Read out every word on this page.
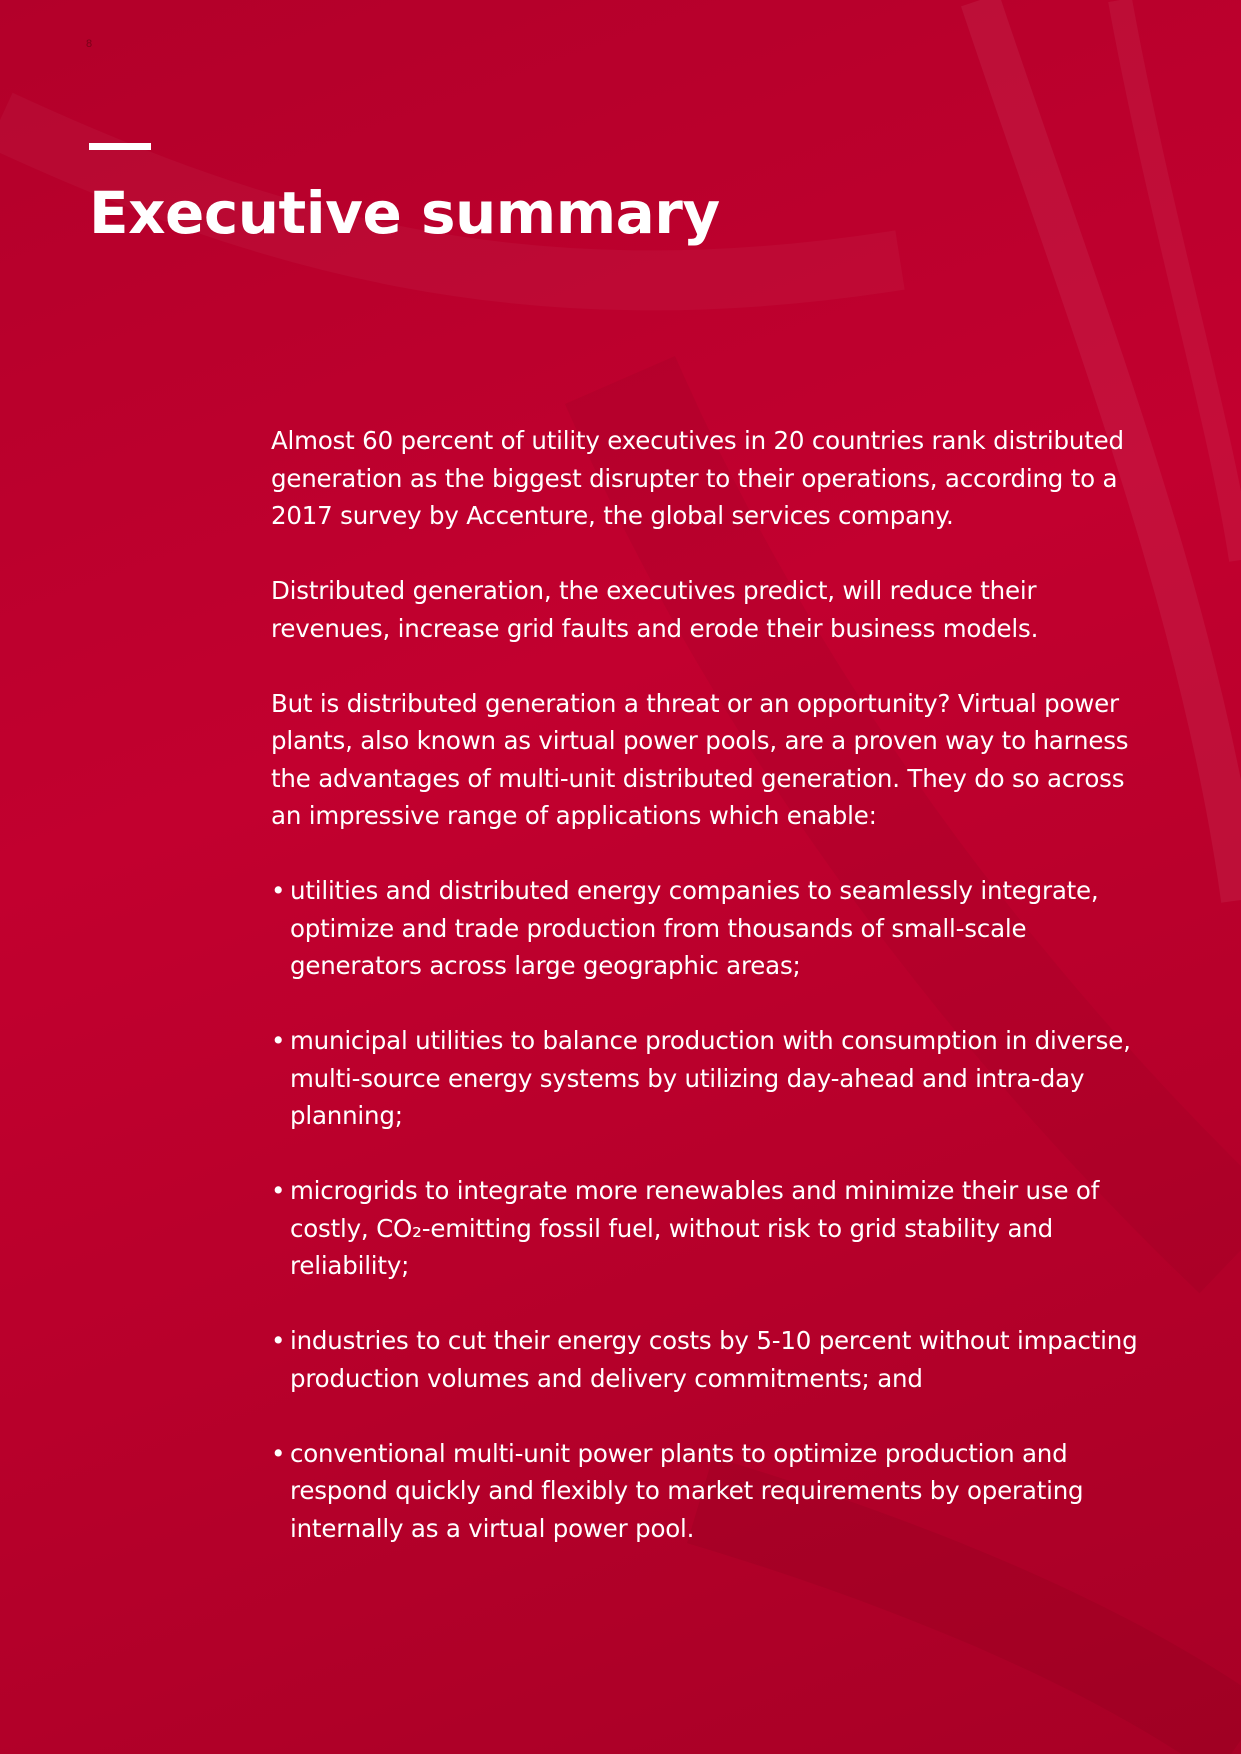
8
Executive summary

Almost 60 percent of utility executives in 20 countries rank distributed generation as the biggest disrupter to their operations, according to a 2017 survey by Accenture, the global services company.

Distributed generation, the executives predict, will reduce their revenues, increase grid faults and erode their business models.

But is distributed generation a threat or an opportunity? Virtual power plants, also known as virtual power pools, are a proven way to harness the advantages of multi-unit distributed generation. They do so across an impressive range of applications which enable:

• utilities and distributed energy companies to seamlessly integrate, optimize and trade production from thousands of small-scale generators across large geographic areas;
• municipal utilities to balance production with consumption in diverse, multi-source energy systems by utilizing day-ahead and intra-day planning;
• microgrids to integrate more renewables and minimize their use of costly, CO₂-emitting fossil fuel, without risk to grid stability and reliability;
• industries to cut their energy costs by 5-10 percent without impacting production volumes and delivery commitments; and
• conventional multi-unit power plants to optimize production and respond quickly and flexibly to market requirements by operating internally as a virtual power pool.
